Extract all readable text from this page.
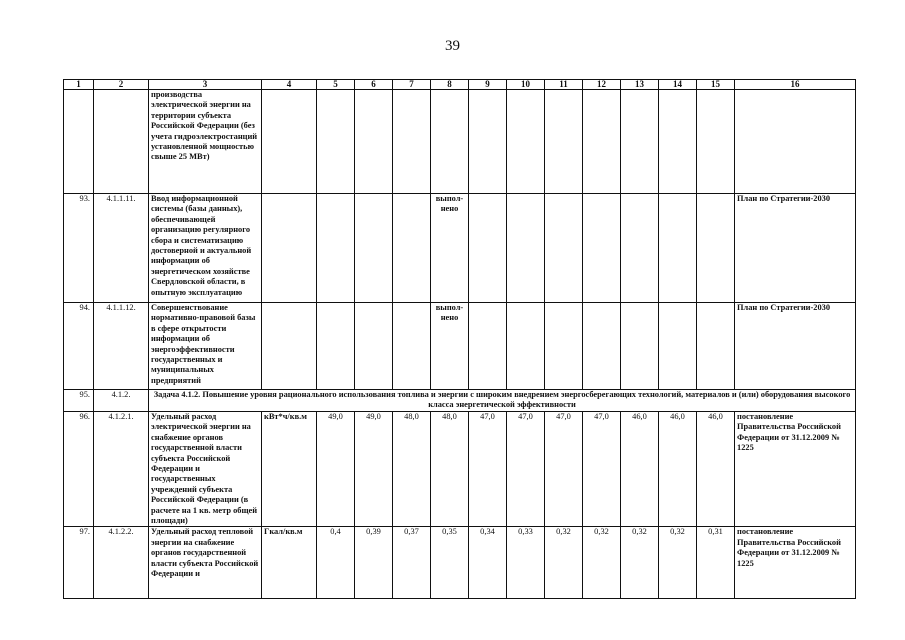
39
1	2	3	4	5	6	7	8	9	10	11	12	13	14	15	16
		производства электрической энергии на территории субъекта Российской Федерации (без учета гидроэлектростанций установленной мощностью свыше 25 МВт)													
93.	4.1.1.11.	Ввод информационной системы (базы данных), обеспечивающей организацию регулярного сбора и систематизацию достоверной и актуальной информации об энергетическом хозяйстве Свердловской области, в опытную эксплуатацию					выпол-нено								План по Стратегии-2030
94.	4.1.1.12.	Совершенствование нормативно-правовой базы в сфере открытости информации об энергоэффективности государственных и муниципальных предприятий					выпол-нено								План по Стратегии-2030
95.	4.1.2.	Задача 4.1.2. Повышение уровня рационального использования топлива и энергии с широким внедрением энергосберегающих технологий, материалов и (или) оборудования высокого класса энергетической эффективности													
96.	4.1.2.1.	Удельный расход электрической энергии на снабжение органов государственной власти субъекта Российской Федерации и государственных учреждений субъекта Российской Федерации (в расчете на 1 кв. метр общей площади)	кВт*ч/кв.м	49,0	49,0	48,0	48,0	47,0	47,0	47,0	47,0	46,0	46,0	46,0	постановление Правительства Российской Федерации от 31.12.2009 № 1225
97.	4.1.2.2.	Удельный расход тепловой энергии на снабжение органов государственной власти субъекта Российской Федерации и	Гкал/кв.м	0,4	0,39	0,37	0,35	0,34	0,33	0,32	0,32	0,32	0,32	0,31	постановление Правительства Российской Федерации от 31.12.2009 № 1225
